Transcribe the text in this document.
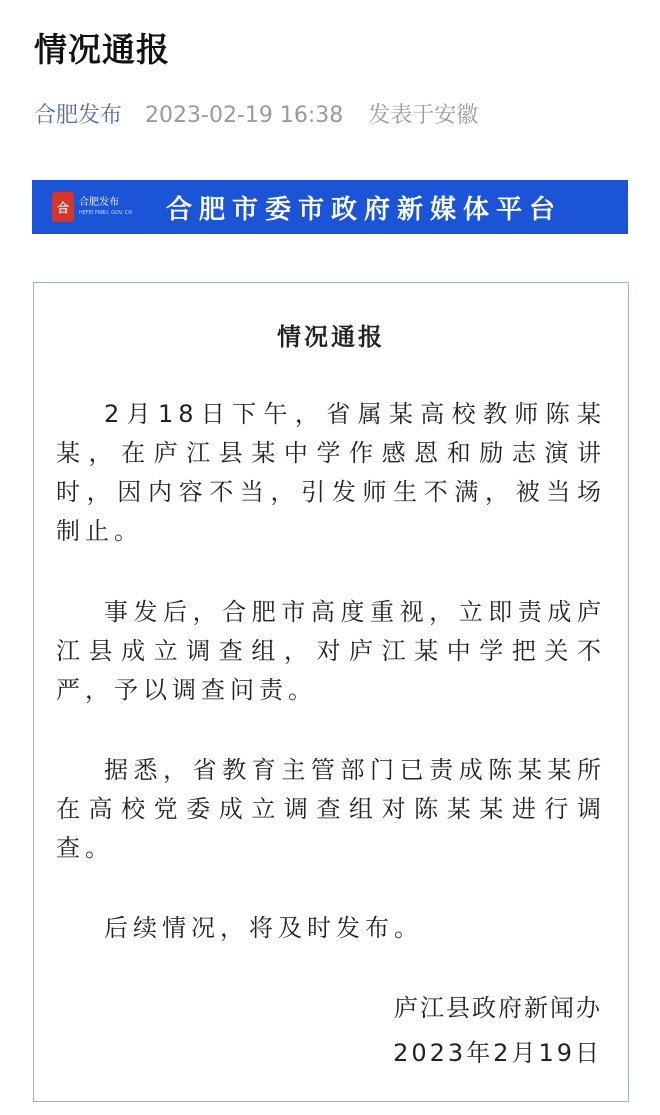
情况通报
合肥发布 2023-02-19 16:38 发表于安徽
合	合肥发布
HEFEI FABU. GOV. CN 合肥市委市政府新媒体平台
情况通报
2月18日下午，省属某高校教师陈某某，在庐江县某中学作感恩和励志演讲时，因内容不当，引发师生不满，被当场制止。
事发后，合肥市高度重视，立即责成庐江县成立调查组，对庐江某中学把关不严，予以调查问责。
据悉，省教育主管部门已责成陈某某所在高校党委成立调查组对陈某某进行调查。
后续情况，将及时发布。
庐江县政府新闻办
2023年2月19日
